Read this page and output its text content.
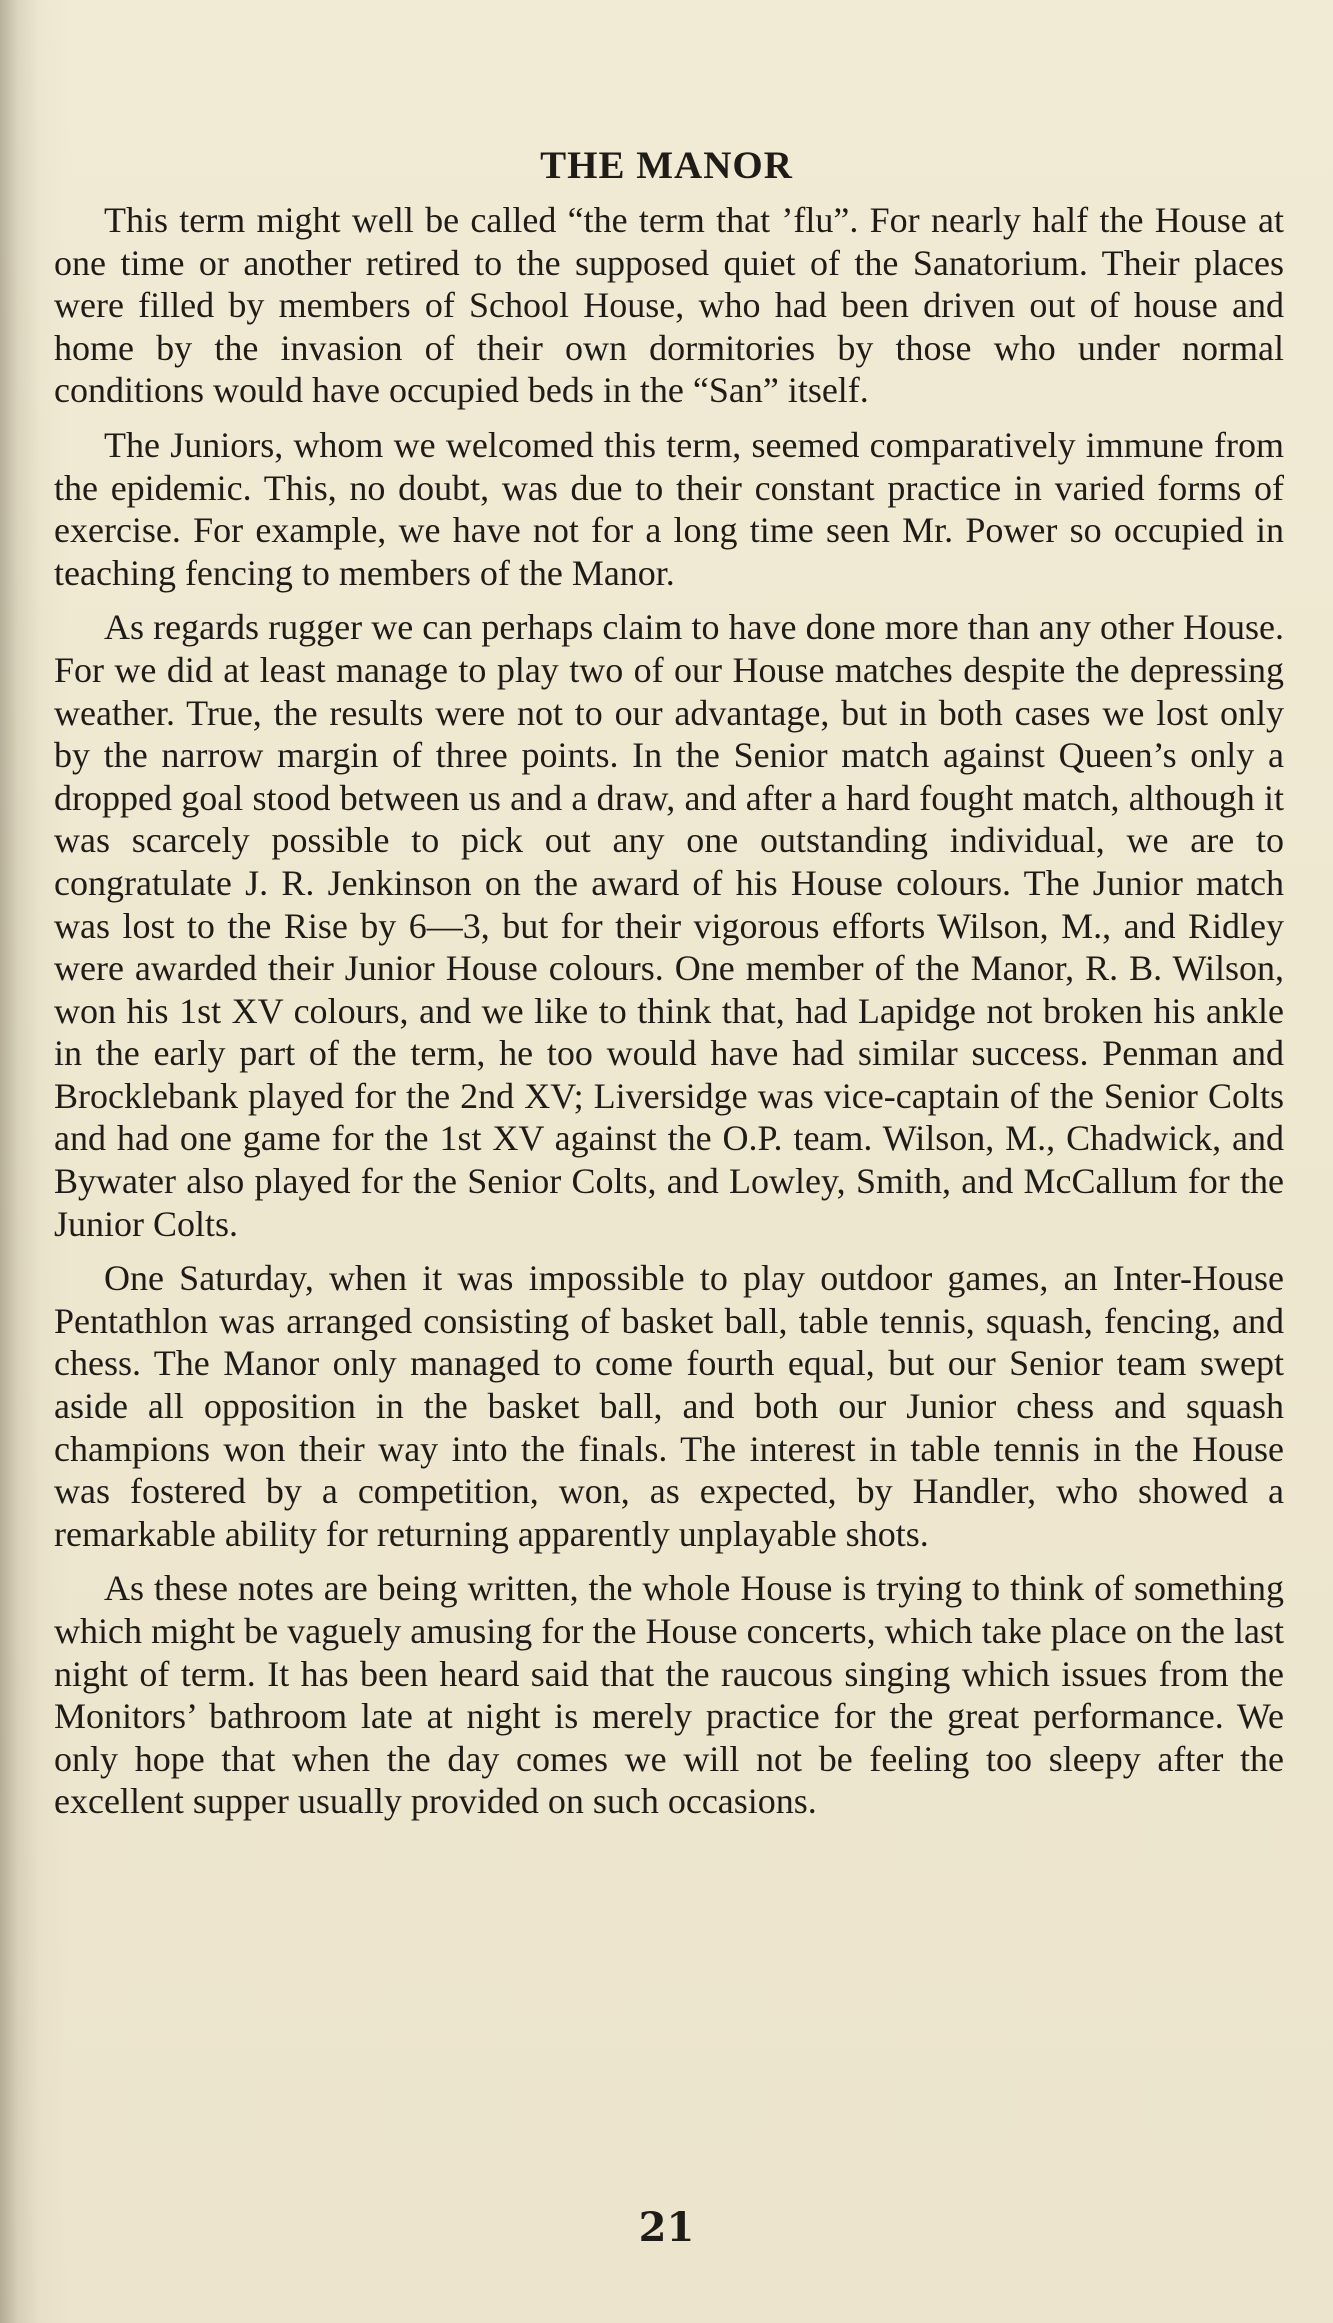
THE MANOR

This term might well be called “the term that ’flu”. For nearly half the House at one time or another retired to the supposed quiet of the Sanatorium. Their places were filled by members of School House, who had been driven out of house and home by the invasion of their own dormitories by those who under normal conditions would have occupied beds in the “San” itself.

The Juniors, whom we welcomed this term, seemed comparatively immune from the epidemic. This, no doubt, was due to their constant practice in varied forms of exercise. For example, we have not for a long time seen Mr. Power so occupied in teaching fencing to members of the Manor.

As regards rugger we can perhaps claim to have done more than any other House. For we did at least manage to play two of our House matches despite the depressing weather. True, the results were not to our advantage, but in both cases we lost only by the narrow margin of three points. In the Senior match against Queen’s only a dropped goal stood between us and a draw, and after a hard fought match, although it was scarcely possible to pick out any one outstanding individual, we are to congratulate J. R. Jenkinson on the award of his House colours. The Junior match was lost to the Rise by 6—3, but for their vigorous efforts Wilson, M., and Ridley were awarded their Junior House colours. One member of the Manor, R. B. Wilson, won his 1st XV colours, and we like to think that, had Lapidge not broken his ankle in the early part of the term, he too would have had similar success. Penman and Brocklebank played for the 2nd XV; Liversidge was vice-captain of the Senior Colts and had one game for the 1st XV against the O.P. team. Wilson, M., Chadwick, and Bywater also played for the Senior Colts, and Lowley, Smith, and McCallum for the Junior Colts.

One Saturday, when it was impossible to play outdoor games, an Inter-House Pentathlon was arranged consisting of basket ball, table tennis, squash, fencing, and chess. The Manor only managed to come fourth equal, but our Senior team swept aside all opposition in the basket ball, and both our Junior chess and squash champions won their way into the finals. The interest in table tennis in the House was fostered by a competition, won, as expected, by Handler, who showed a remarkable ability for returning apparently unplayable shots.

As these notes are being written, the whole House is trying to think of something which might be vaguely amusing for the House concerts, which take place on the last night of term. It has been heard said that the raucous singing which issues from the Monitors’ bathroom late at night is merely practice for the great performance. We only hope that when the day comes we will not be feeling too sleepy after the excellent supper usually provided on such occasions.

21
